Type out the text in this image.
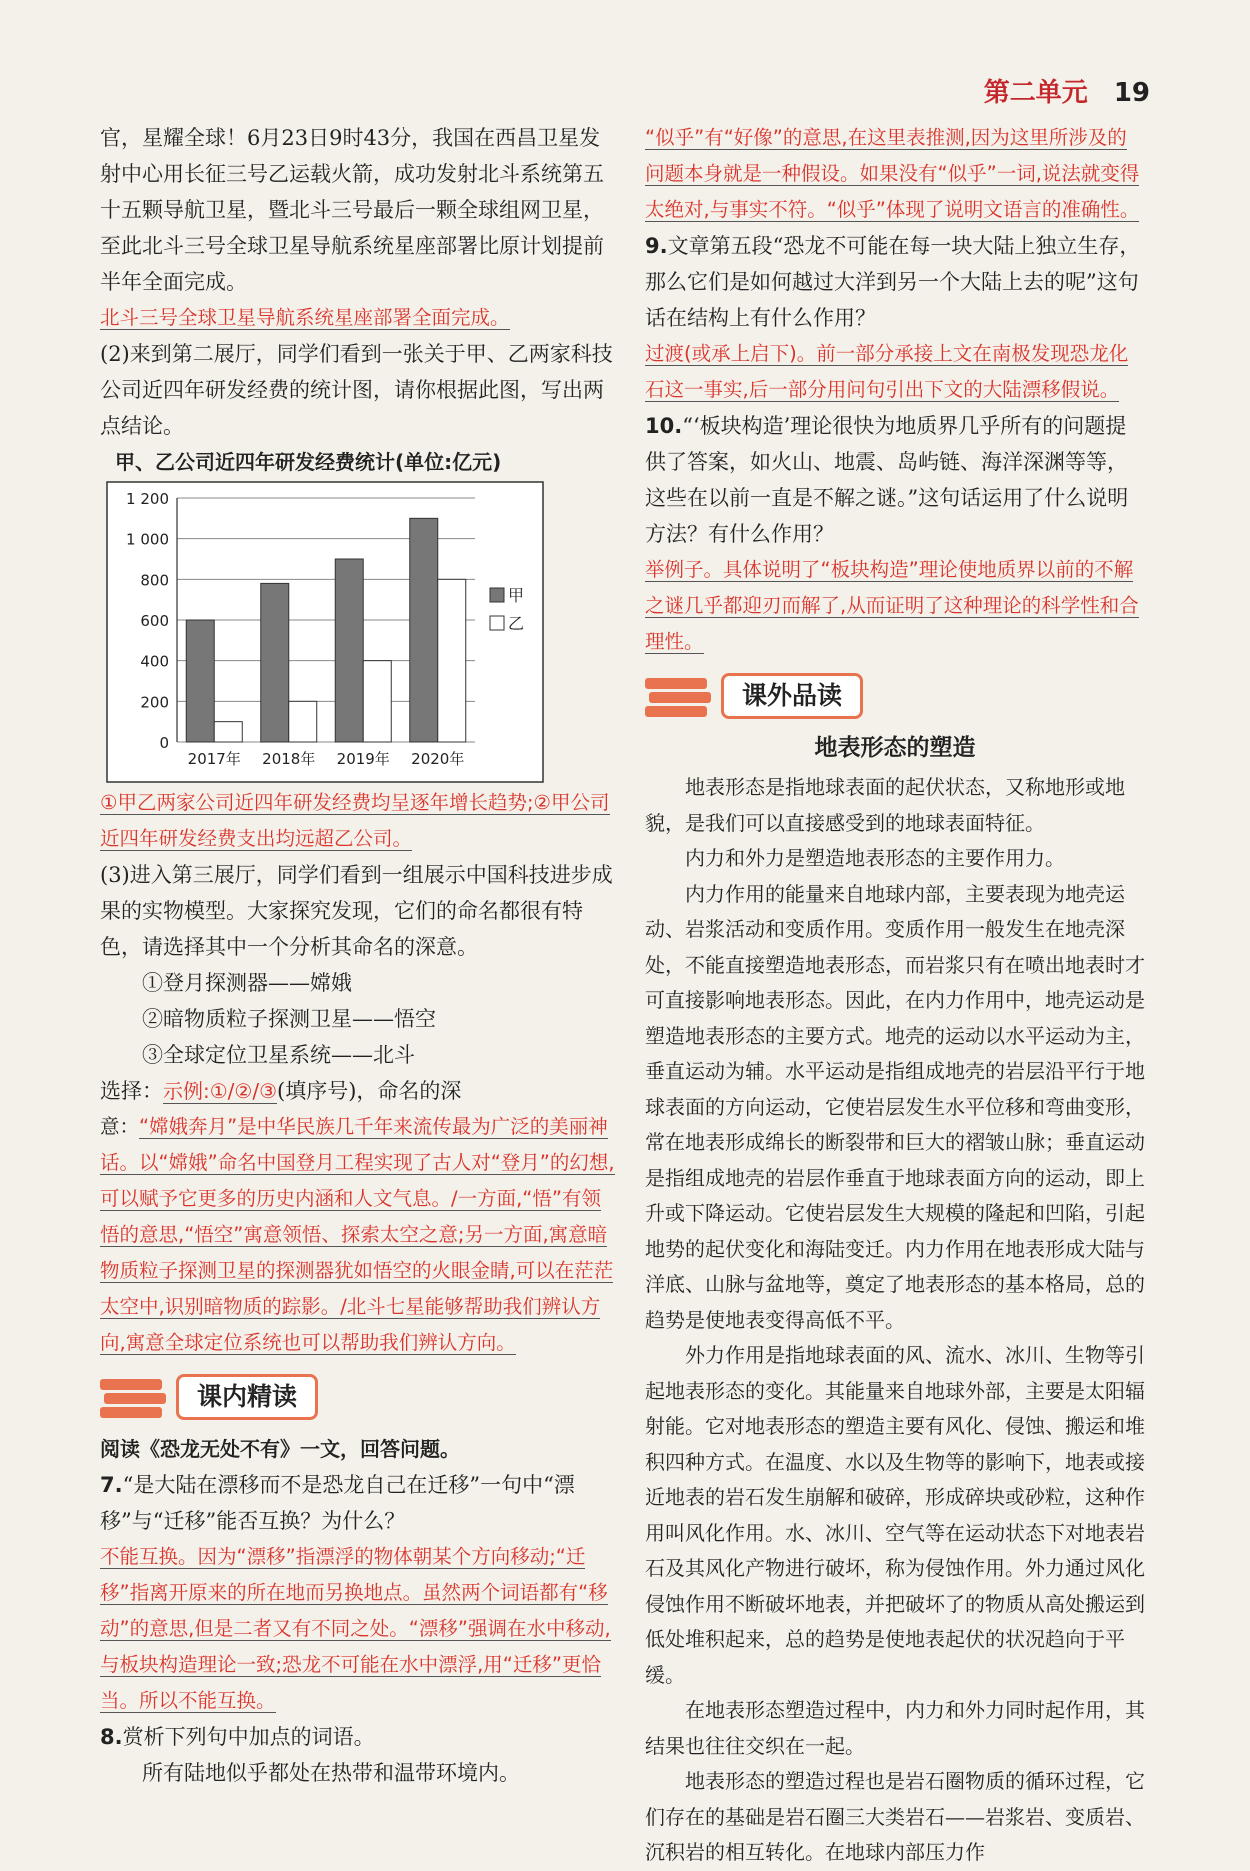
第二单元 19

官，星耀全球！6月23日9时43分，我国在西昌卫星发射中心用长征三号乙运载火箭，成功发射北斗系统第五十五颗导航卫星，暨北斗三号最后一颗全球组网卫星，至此北斗三号全球卫星导航系统星座部署比原计划提前半年全面完成。

北斗三号全球卫星导航系统星座部署全面完成。

(2)来到第二展厅，同学们看到一张关于甲、乙两家科技公司近四年研发经费的统计图，请你根据此图，写出两点结论。

甲、乙公司近四年研发经费统计(单位:亿元)
0
200
400
600
800
1 000
1 200
2017年 2018年 2019年 2020年
甲
乙
①甲乙两家公司近四年研发经费均呈逐年增长趋势;②甲公司近四年研发经费支出均远超乙公司。

(3)进入第三展厅，同学们看到一组展示中国科技进步成果的实物模型。大家探究发现，它们的命名都很有特色，请选择其中一个分析其命名的深意。

①登月探测器——嫦娥

②暗物质粒子探测卫星——悟空

③全球定位卫星系统——北斗

选择：示例:①/②/③(填序号)，命名的深

意：“嫦娥奔月”是中华民族几千年来流传最为广泛的美丽神话。以“嫦娥”命名中国登月工程实现了古人对“登月”的幻想,可以赋予它更多的历史内涵和人文气息。/一方面,“悟”有领悟的意思,“悟空”寓意领悟、探索太空之意;另一方面,寓意暗物质粒子探测卫星的探测器犹如悟空的火眼金睛,可以在茫茫太空中,识别暗物质的踪影。/北斗七星能够帮助我们辨认方向,寓意全球定位系统也可以帮助我们辨认方向。
课内精读

阅读《恐龙无处不有》一文，回答问题。

7.“是大陆在漂移而不是恐龙自己在迁移”一句中“漂移”与“迁移”能否互换？为什么？

不能互换。因为“漂移”指漂浮的物体朝某个方向移动;“迁移”指离开原来的所在地而另换地点。虽然两个词语都有“移动”的意思,但是二者又有不同之处。“漂移”强调在水中移动,与板块构造理论一致;恐龙不可能在水中漂浮,用“迁移”更恰当。所以不能互换。

8.赏析下列句中加点的词语。

所有陆地似乎都处在热带和温带环境内。

“似乎”有“好像”的意思,在这里表推测,因为这里所涉及的问题本身就是一种假设。如果没有“似乎”一词,说法就变得太绝对,与事实不符。“似乎”体现了说明文语言的准确性。

9.文章第五段“恐龙不可能在每一块大陆上独立生存，那么它们是如何越过大洋到另一个大陆上去的呢”这句话在结构上有什么作用？

过渡(或承上启下)。前一部分承接上文在南极发现恐龙化石这一事实,后一部分用问句引出下文的大陆漂移假说。

10.“‘板块构造’理论很快为地质界几乎所有的问题提供了答案，如火山、地震、岛屿链、海洋深渊等等，这些在以前一直是不解之谜。”这句话运用了什么说明方法？有什么作用？

举例子。具体说明了“板块构造”理论使地质界以前的不解之谜几乎都迎刃而解了,从而证明了这种理论的科学性和合理性。
课外品读
地表形态的塑造

地表形态是指地球表面的起伏状态，又称地形或地貌，是我们可以直接感受到的地球表面特征。

内力和外力是塑造地表形态的主要作用力。

内力作用的能量来自地球内部，主要表现为地壳运动、岩浆活动和变质作用。变质作用一般发生在地壳深处，不能直接塑造地表形态，而岩浆只有在喷出地表时才可直接影响地表形态。因此，在内力作用中，地壳运动是塑造地表形态的主要方式。地壳的运动以水平运动为主，垂直运动为辅。水平运动是指组成地壳的岩层沿平行于地球表面的方向运动，它使岩层发生水平位移和弯曲变形，常在地表形成绵长的断裂带和巨大的褶皱山脉；垂直运动是指组成地壳的岩层作垂直于地球表面方向的运动，即上升或下降运动。它使岩层发生大规模的隆起和凹陷，引起地势的起伏变化和海陆变迁。内力作用在地表形成大陆与洋底、山脉与盆地等，奠定了地表形态的基本格局，总的趋势是使地表变得高低不平。

外力作用是指地球表面的风、流水、冰川、生物等引起地表形态的变化。其能量来自地球外部，主要是太阳辐射能。它对地表形态的塑造主要有风化、侵蚀、搬运和堆积四种方式。在温度、水以及生物等的影响下，地表或接近地表的岩石发生崩解和破碎，形成碎块或砂粒，这种作用叫风化作用。水、冰川、空气等在运动状态下对地表岩石及其风化产物进行破坏，称为侵蚀作用。外力通过风化侵蚀作用不断破坏地表，并把破坏了的物质从高处搬运到低处堆积起来，总的趋势是使地表起伏的状况趋向于平缓。

在地表形态塑造过程中，内力和外力同时起作用，其结果也往往交织在一起。

地表形态的塑造过程也是岩石圈物质的循环过程，它们存在的基础是岩石圈三大类岩石——岩浆岩、变质岩、沉积岩的相互转化。在地球内部压力作
